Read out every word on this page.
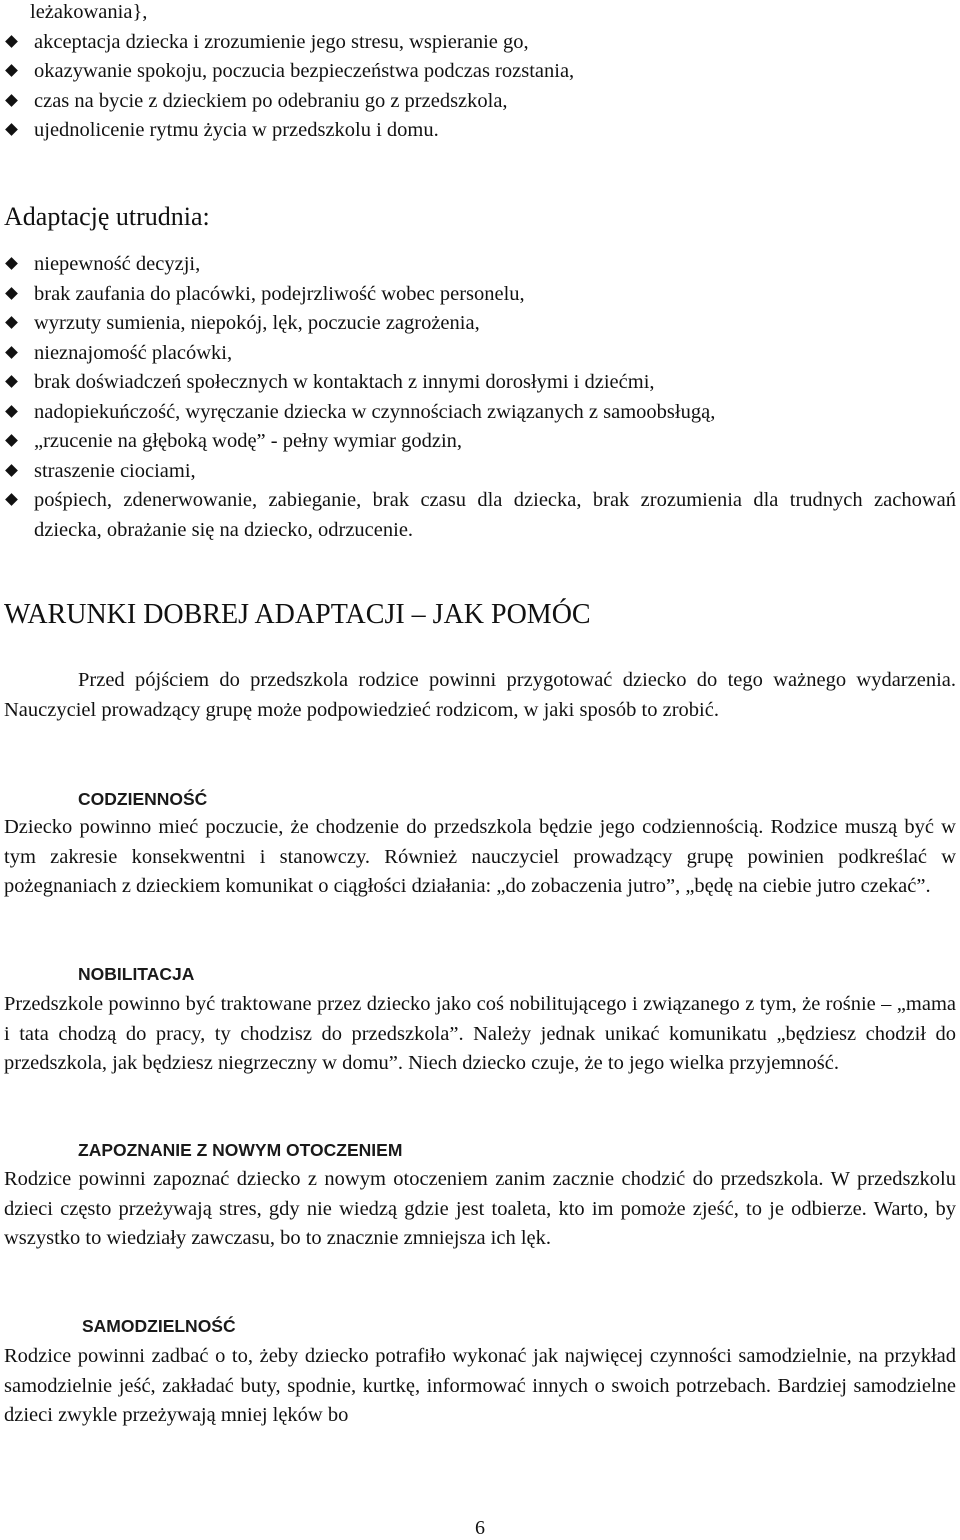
leżakowania},
akceptacja dziecka i zrozumienie jego stresu, wspieranie go,
okazywanie spokoju, poczucia bezpieczeństwa podczas rozstania,
czas na bycie z dzieckiem po odebraniu go z przedszkola,
ujednolicenie rytmu życia w przedszkolu i domu.
Adaptację utrudnia:
niepewność decyzji,
brak zaufania do placówki, podejrzliwość wobec personelu,
wyrzuty sumienia, niepokój, lęk, poczucie zagrożenia,
nieznajomość placówki,
brak doświadczeń społecznych w kontaktach z innymi dorosłymi i dziećmi,
nadopiekuńczość, wyręczanie dziecka w czynnościach związanych z samoobsługą,
„rzucenie na głęboką wodę” - pełny wymiar godzin,
straszenie ciociami,
pośpiech, zdenerwowanie, zabieganie, brak czasu dla dziecka, brak zrozumienia dla trudnych zachowań dziecka, obrażanie się na dziecko, odrzucenie.
WARUNKI DOBREJ ADAPTACJI – JAK POMÓC

Przed pójściem do przedszkola rodzice powinni przygotować dziecko do tego ważnego wydarzenia. Nauczyciel prowadzący grupę może podpowiedzieć rodzicom, w jaki sposób to zrobić.

CODZIENNOŚĆ

Dziecko powinno mieć poczucie, że chodzenie do przedszkola będzie jego codziennością. Rodzice muszą być w tym zakresie konsekwentni i stanowczy. Również nauczyciel prowadzący grupę powinien podkreślać w pożegnaniach z dzieckiem komunikat o ciągłości działania: „do zobaczenia jutro”, „będę na ciebie jutro czekać”.

NOBILITACJA

Przedszkole powinno być traktowane przez dziecko jako coś nobilitującego i związanego z tym, że rośnie – „mama i tata chodzą do pracy, ty chodzisz do przedszkola”. Należy jednak unikać komunikatu „będziesz chodził do przedszkola, jak będziesz niegrzeczny w domu”. Niech dziecko czuje, że to jego wielka przyjemność.

ZAPOZNANIE Z NOWYM OTOCZENIEM

Rodzice powinni zapoznać dziecko z nowym otoczeniem zanim zacznie chodzić do przedszkola. W przedszkolu dzieci często przeżywają stres, gdy nie wiedzą gdzie jest toaleta, kto im pomoże zjeść, to je odbierze. Warto, by wszystko to wiedziały zawczasu, bo to znacznie zmniejsza ich lęk.

SAMODZIELNOŚĆ

Rodzice powinni zadbać o to, żeby dziecko potrafiło wykonać jak najwięcej czynności samodzielnie, na przykład samodzielnie jeść, zakładać buty, spodnie, kurtkę, informować innych o swoich potrzebach. Bardziej samodzielne dzieci zwykle przeżywają mniej lęków bo

6
